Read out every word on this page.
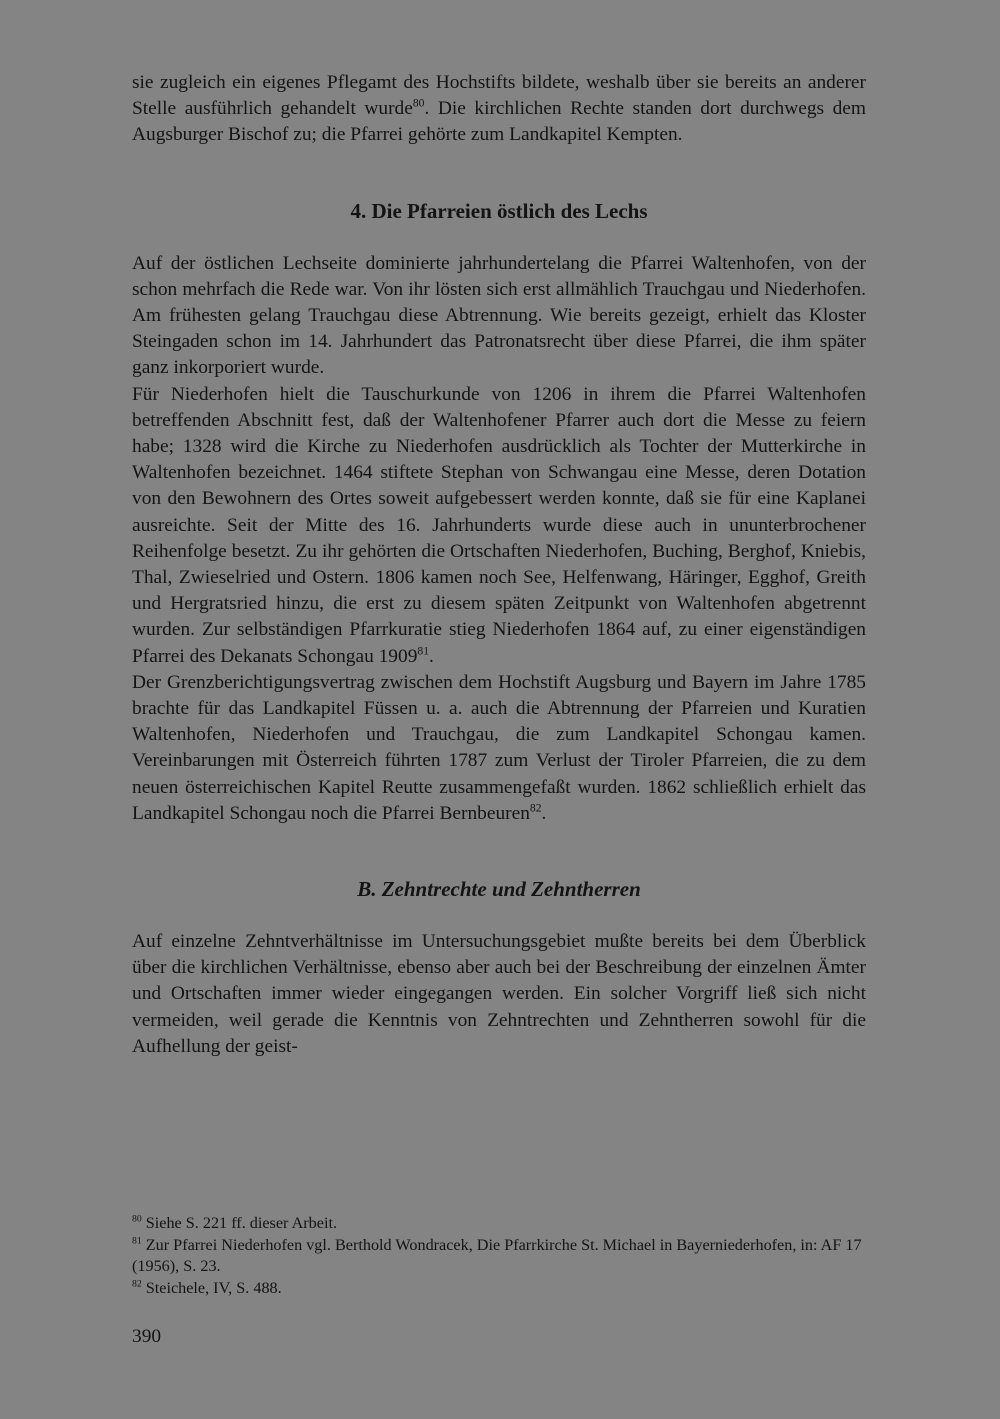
sie zugleich ein eigenes Pflegamt des Hochstifts bildete, weshalb über sie bereits an anderer Stelle ausführlich gehandelt wurde$^{80}$. Die kirchlichen Rechte standen dort durchwegs dem Augsburger Bischof zu; die Pfarrei gehörte zum Landkapitel Kempten.

4. Die Pfarreien östlich des Lechs

Auf der östlichen Lechseite dominierte jahrhundertelang die Pfarrei Waltenhofen, von der schon mehrfach die Rede war. Von ihr lösten sich erst allmählich Trauchgau und Niederhofen. Am frühesten gelang Trauchgau diese Abtrennung. Wie bereits gezeigt, erhielt das Kloster Steingaden schon im 14. Jahrhundert das Patronatsrecht über diese Pfarrei, die ihm später ganz inkorporiert wurde.

Für Niederhofen hielt die Tauschurkunde von 1206 in ihrem die Pfarrei Waltenhofen betreffenden Abschnitt fest, daß der Waltenhofener Pfarrer auch dort die Messe zu feiern habe; 1328 wird die Kirche zu Niederhofen ausdrücklich als Tochter der Mutterkirche in Waltenhofen bezeichnet. 1464 stiftete Stephan von Schwangau eine Messe, deren Dotation von den Bewohnern des Ortes soweit aufgebessert werden konnte, daß sie für eine Kaplanei ausreichte. Seit der Mitte des 16. Jahrhunderts wurde diese auch in ununterbrochener Reihenfolge besetzt. Zu ihr gehörten die Ortschaften Niederhofen, Buching, Berghof, Kniebis, Thal, Zwieselried und Ostern. 1806 kamen noch See, Helfenwang, Häringer, Egghof, Greith und Hergratsried hinzu, die erst zu diesem späten Zeitpunkt von Waltenhofen abgetrennt wurden. Zur selbständigen Pfarrkuratie stieg Niederhofen 1864 auf, zu einer eigenständigen Pfarrei des Dekanats Schongau 1909$^{81}$.

Der Grenzberichtigungsvertrag zwischen dem Hochstift Augsburg und Bayern im Jahre 1785 brachte für das Landkapitel Füssen u. a. auch die Abtrennung der Pfarreien und Kuratien Waltenhofen, Niederhofen und Trauchgau, die zum Landkapitel Schongau kamen. Vereinbarungen mit Österreich führten 1787 zum Verlust der Tiroler Pfarreien, die zu dem neuen österreichischen Kapitel Reutte zusammengefaßt wurden. 1862 schließlich erhielt das Landkapitel Schongau noch die Pfarrei Bernbeuren$^{82}$.

B. Zehntrechte und Zehntherren

Auf einzelne Zehntverhältnisse im Untersuchungsgebiet mußte bereits bei dem Überblick über die kirchlichen Verhältnisse, ebenso aber auch bei der Beschreibung der einzelnen Ämter und Ortschaften immer wieder eingegangen werden. Ein solcher Vorgriff ließ sich nicht vermeiden, weil gerade die Kenntnis von Zehntrechten und Zehntherren sowohl für die Aufhellung der geist-

$^{80}$ Siehe S. 221 ff. dieser Arbeit.

$^{81}$ Zur Pfarrei Niederhofen vgl. Berthold Wondracek, Die Pfarrkirche St. Michael in Bayerniederhofen, in: AF 17 (1956), S. 23.

$^{82}$ Steichele, IV, S. 488.

390
